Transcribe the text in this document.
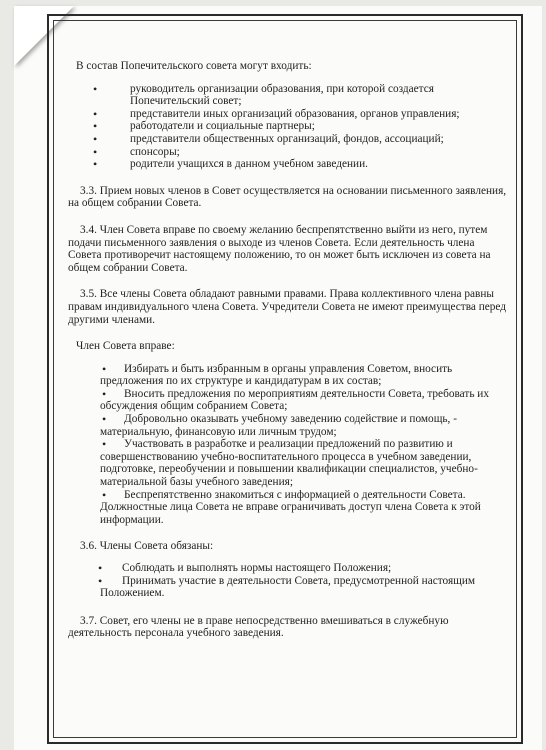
В состав Попечительского совета могут входить:

• руководитель организации образования, при которой создается Попечительский совет;
• представители иных организаций образования, органов управления;
• работодатели и социальные партнеры;
• представители общественных организаций, фондов, ассоциаций;
• спонсоры;
• родители учащихся в данном учебном заведении.

3.3. Прием новых членов в Совет осуществляется на основании письменного заявления, на общем собрании Совета.

3.4. Член Совета вправе по своему желанию беспрепятственно выйти из него, путем подачи письменного заявления о выходе из членов Совета. Если деятельность члена Совета противоречит настоящему положению, то он может быть исключен из совета на общем собрании Совета.

3.5. Все члены Совета обладают равными правами. Права коллективного члена равны правам индивидуального члена Совета. Учредители Совета не имеют преимущества перед другими членами.

Член Совета вправе:

• Избирать и быть избранным в органы управления Советом, вносить
предложения по их структуре и кандидатурам в их состав;
• Вносить предложения по мероприятиям деятельности Совета, требовать их
обсуждения общим собранием Совета;
• Добровольно оказывать учебному заведению содействие и помощь, -
материальную, финансовую или личным трудом;
• Участвовать в разработке и реализации предложений по развитию и
совершенствованию учебно-воспитательного процесса в учебном заведении, подготовке, переобучении и повышении квалификации специалистов, учебно-материальной базы учебного заведения;
• Беспрепятственно знакомиться с информацией о деятельности Совета.
Должностные лица Совета не вправе ограничивать доступ члена Совета к этой информации.

3.6. Члены Совета обязаны:

• Соблюдать и выполнять нормы настоящего Положения;
• Принимать участие в деятельности Совета, предусмотренной настоящим
Положением.

3.7. Совет, его члены не в праве непосредственно вмешиваться в служебную деятельность персонала учебного заведения.
